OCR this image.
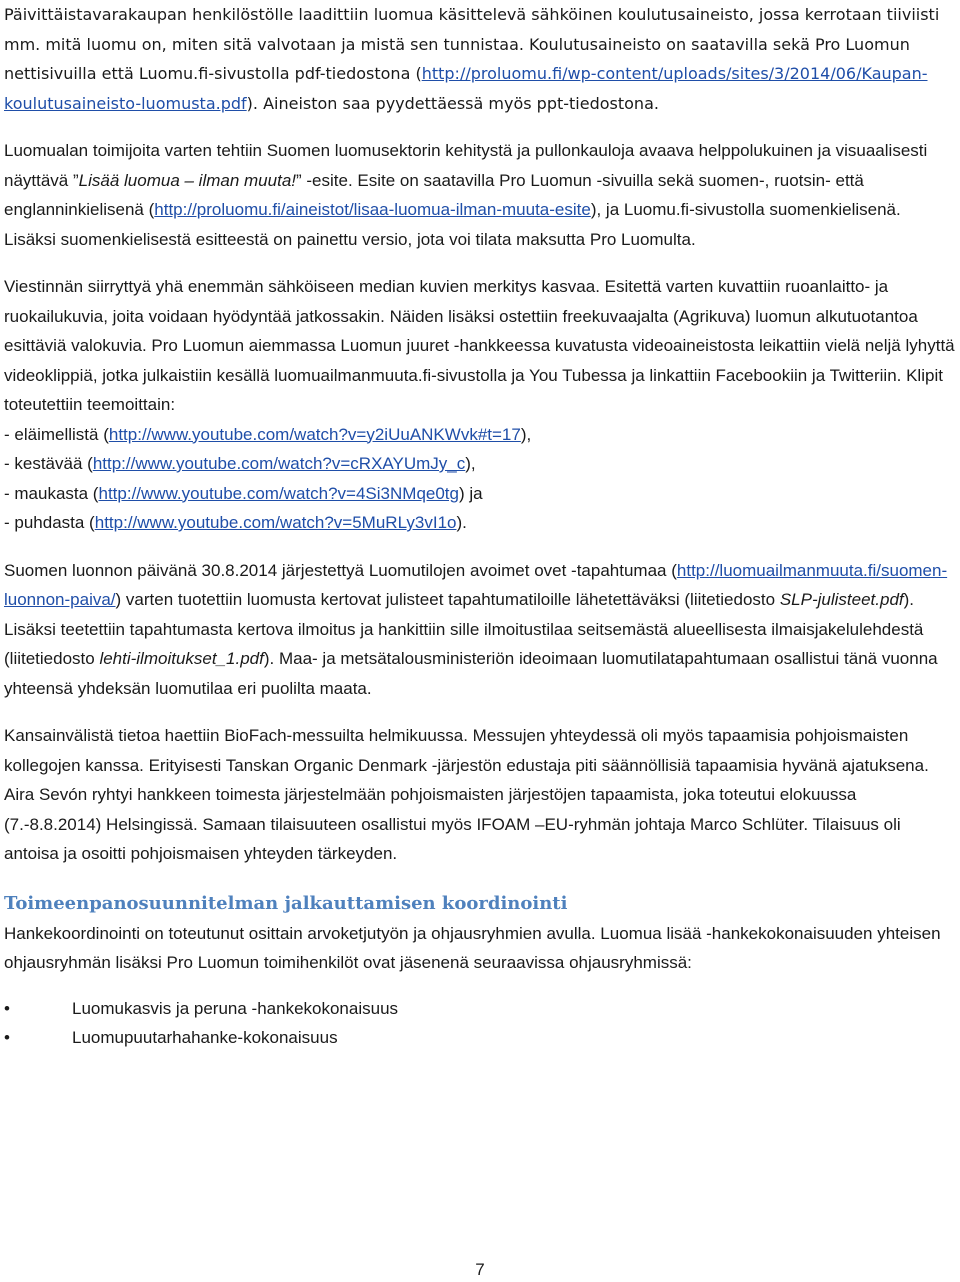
Päivittäistavarakaupan henkilöstölle laadittiin luomua käsittelevä sähköinen koulutusaineisto, jossa kerrotaan tiiviisti mm. mitä luomu on, miten sitä valvotaan ja mistä sen tunnistaa. Koulutusaineisto on saatavilla sekä Pro Luomun nettisivuilla että Luomu.fi-sivustolla pdf-tiedostona (http://proluomu.fi/wp-content/uploads/sites/3/2014/06/Kaupan-koulutusaineisto-luomusta.pdf). Aineiston saa pyydettäessä myös ppt-tiedostona.

Luomualan toimijoita varten tehtiin Suomen luomusektorin kehitystä ja pullonkauloja avaava helppolukuinen ja visuaalisesti näyttävä ”Lisää luomua – ilman muuta!” -esite. Esite on saatavilla Pro Luomun -sivuilla sekä suomen-, ruotsin- että englanninkielisenä (http://proluomu.fi/aineistot/lisaa-luomua-ilman-muuta-esite), ja Luomu.fi-sivustolla suomenkielisenä. Lisäksi suomenkielisestä esitteestä on painettu versio, jota voi tilata maksutta Pro Luomulta.

Viestinnän siirryttyä yhä enemmän sähköiseen median kuvien merkitys kasvaa. Esitettä varten kuvattiin ruoanlaitto- ja ruokailukuvia, joita voidaan hyödyntää jatkossakin. Näiden lisäksi ostettiin freekuvaajalta (Agrikuva) luomun alkutuotantoa esittäviä valokuvia. Pro Luomun aiemmassa Luomun juuret -hankkeessa kuvatusta videoaineistosta leikattiin vielä neljä lyhyttä videoklippiä, jotka julkaistiin kesällä luomuailmanmuuta.fi-sivustolla ja You Tubessa ja linkattiin Facebookiin ja Twitteriin. Klipit toteutettiin teemoittain:
- eläimellistä (http://www.youtube.com/watch?v=y2iUuANKWvk#t=17),
- kestävää (http://www.youtube.com/watch?v=cRXAYUmJy_c),
- maukasta (http://www.youtube.com/watch?v=4Si3NMqe0tg) ja
- puhdasta (http://www.youtube.com/watch?v=5MuRLy3vI1o).

Suomen luonnon päivänä 30.8.2014 järjestettyä Luomutilojen avoimet ovet -tapahtumaa (http://luomuailmanmuuta.fi/suomen-luonnon-paiva/) varten tuotettiin luomusta kertovat julisteet tapahtumatiloille lähetettäväksi (liitetiedosto SLP-julisteet.pdf). Lisäksi teetettiin tapahtumasta kertova ilmoitus ja hankittiin sille ilmoitustilaa seitsemästä alueellisesta ilmaisjakelulehdestä (liitetiedosto lehti-ilmoitukset_1.pdf). Maa- ja metsätalousministeriön ideoimaan luomutilatapahtumaan osallistui tänä vuonna yhteensä yhdeksän luomutilaa eri puolilta maata.

Kansainvälistä tietoa haettiin BioFach-messuilta helmikuussa. Messujen yhteydessä oli myös tapaamisia pohjoismaisten kollegojen kanssa. Erityisesti Tanskan Organic Denmark -järjestön edustaja piti säännöllisiä tapaamisia hyvänä ajatuksena. Aira Sevón ryhtyi hankkeen toimesta järjestelmään pohjoismaisten järjestöjen tapaamista, joka toteutui elokuussa (7.-8.8.2014) Helsingissä. Samaan tilaisuuteen osallistui myös IFOAM –EU-ryhmän johtaja Marco Schlüter. Tilaisuus oli antoisa ja osoitti pohjoismaisen yhteyden tärkeyden.

Toimeenpanosuunnitelman jalkauttamisen koordinointi

Hankekoordinointi on toteutunut osittain arvoketjutyön ja ohjausryhmien avulla. Luomua lisää -hankekokonaisuuden yhteisen ohjausryhmän lisäksi Pro Luomun toimihenkilöt ovat jäsenenä seuraavissa ohjausryhmissä:

•	Luomukasvis ja peruna -hankekokonaisuus
•	Luomupuutarhahanke-kokonaisuus
7
